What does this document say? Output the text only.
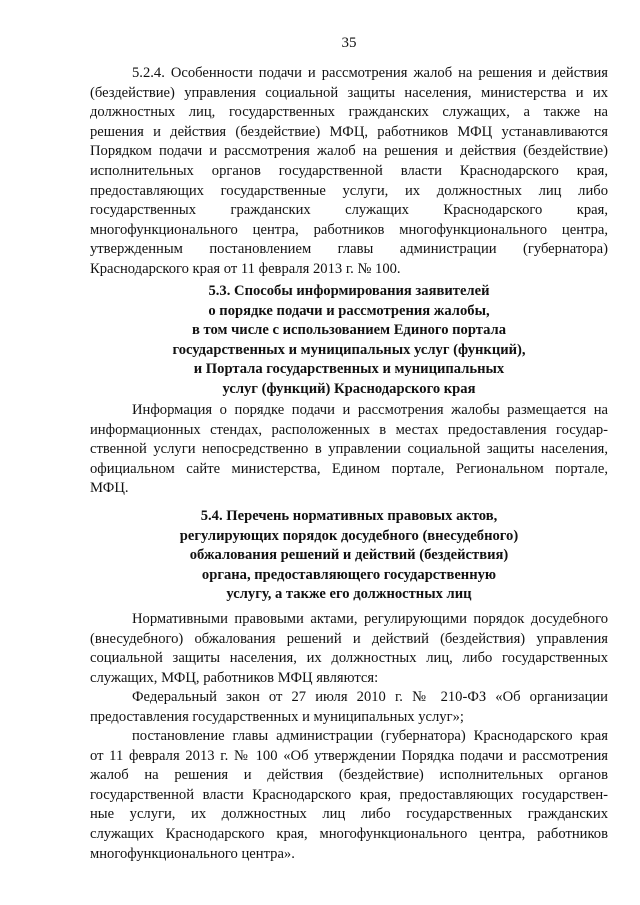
35
5.2.4. Особенности подачи и рассмотрения жалоб на решения и действия
(бездействие) управления социальной защиты населения, министерства и их
должностных лиц, государственных гражданских служащих, а также на
решения и действия (бездействие) МФЦ, работников МФЦ устанавливаются
Порядком подачи и рассмотрения жалоб на решения и действия (бездействие)
исполнительных органов государственной власти Краснодарского края,
предоставляющих государственные услуги, их должностных лиц либо
государственных гражданских служащих Краснодарского края,
многофункционального центра, работников многофункционального центра,
утвержденным постановлением главы администрации (губернатора)
Краснодарского края от 11 февраля 2013 г. № 100.
5.3. Способы информирования заявителей
о порядке подачи и рассмотрения жалобы,
в том числе с использованием Единого портала
государственных и муниципальных услуг (функций),
и Портала государственных и муниципальных
услуг (функций) Краснодарского края
Информация о порядке подачи и рассмотрения жалобы размещается на
информационных стендах, расположенных в местах предоставления государ-
ственной услуги непосредственно в управлении социальной защиты населения,
официальном сайте министерства, Едином портале, Региональном портале,
МФЦ.
5.4. Перечень нормативных правовых актов,
регулирующих порядок досудебного (внесудебного)
обжалования решений и действий (бездействия)
органа, предоставляющего государственную
услугу, а также его должностных лиц
Нормативными правовыми актами, регулирующими порядок досудебного
(внесудебного) обжалования решений и действий (бездействия) управления
социальной защиты населения, их должностных лиц, либо государственных
служащих, МФЦ, работников МФЦ являются:
Федеральный закон от 27 июля 2010 г. № 210-ФЗ «Об организации
предоставления государственных и муниципальных услуг»;
постановление главы администрации (губернатора) Краснодарского края
от 11 февраля 2013 г. № 100 «Об утверждении Порядка подачи и рассмотрения
жалоб на решения и действия (бездействие) исполнительных органов
государственной власти Краснодарского края, предоставляющих государствен-
ные услуги, их должностных лиц либо государственных гражданских
служащих Краснодарского края, многофункционального центра, работников
многофункционального центра».
